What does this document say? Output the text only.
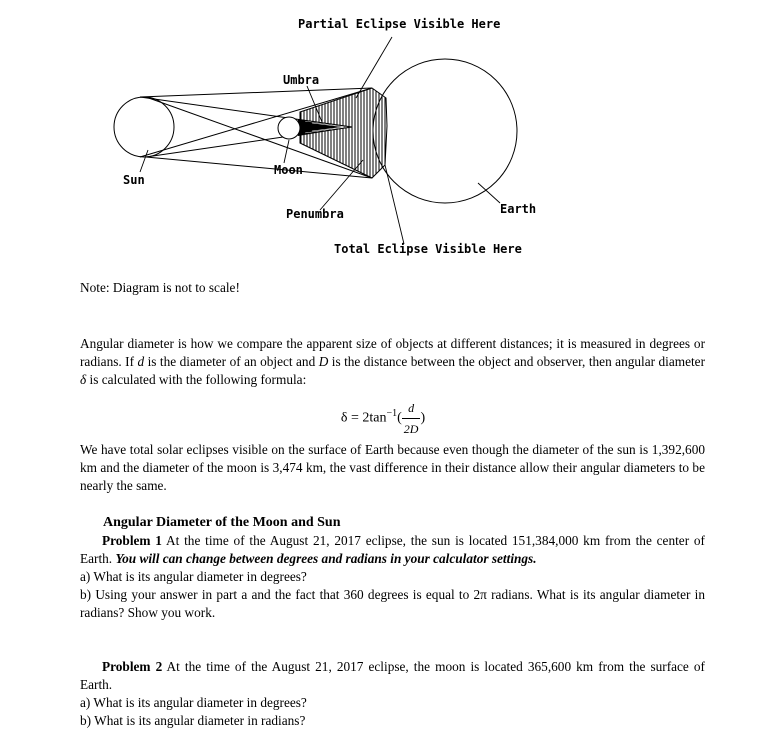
Partial Eclipse Visible Here
Umbra
Sun
Moon
Penumbra	Earth
Total Eclipse Visible Here
Note: Diagram is not to scale!
Angular diameter is how we compare the apparent size of objects at different distances; it is measured in degrees or radians. If d is the diameter of an object and D is the distance between the object and observer, then angular diameter δ is calculated with the following formula:
$\delta = 2\tan^{-1}( \frac{d}{2D}$ )
We have total solar eclipses visible on the surface of Earth because even though the diameter of the sun is 1,392,600 km and the diameter of the moon is 3,474 km, the vast difference in their distance allow their angular diameters to be nearly the same.
Angular Diameter of the Moon and Sun
Problem 1 At the time of the August 21, 2017 eclipse, the sun is located 151,384,000 km from the center of Earth. You will can change between degrees and radians in your calculator settings.
a) What is its angular diameter in degrees?
b) Using your answer in part a and the fact that 360 degrees is equal to 2π radians. What is its angular diameter in radians? Show you work.
Problem 2 At the time of the August 21, 2017 eclipse, the moon is located 365,600 km from the surface of Earth.
a) What is its angular diameter in degrees?
b) What is its angular diameter in radians?
